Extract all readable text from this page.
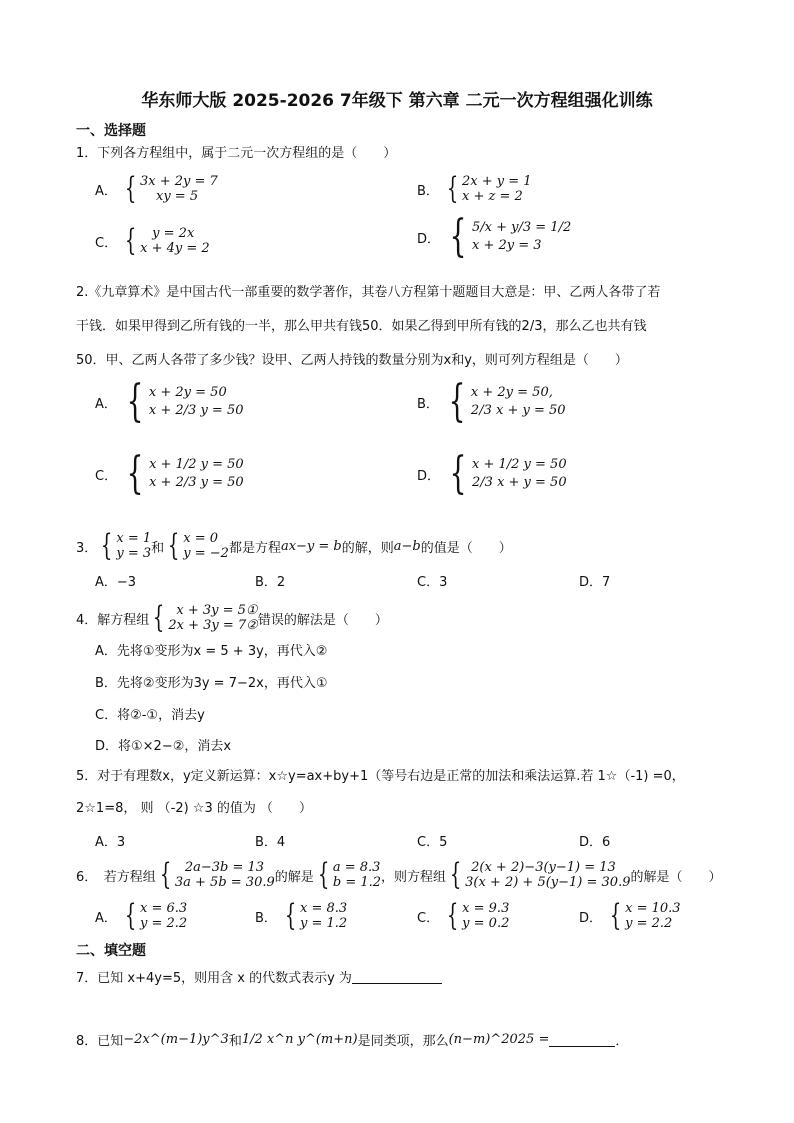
华东师大版 2025-2026 7年级下 第六章 二元一次方程组强化训练
一、选择题
1．下列各方程组中，属于二元一次方程组的是（　　）
A． { 3x + 2y = 7
xy = 5	B． { 2x + y = 1
x + z = 2
C． {	y = 2x
x + 4y = 2
D． { 5/x + y/3 = 1/2
x + 2y = 3
2.《九章算术》是中国古代一部重要的数学著作，其卷八方程第十题题目大意是：甲、乙两人各带了若
干钱．如果甲得到乙所有钱的一半，那么甲共有钱50．如果乙得到甲所有钱的2/3，那么乙也共有钱
50．甲、乙两人各带了多少钱？设甲、乙两人持钱的数量分别为x和y，则可列方程组是（　　）
A． { x + 2y = 50
x + 2/3 y = 50	B． { x + 2y = 50,
2/3 x + y = 50
C． { x + 1/2 y = 50
x + 2/3 y = 50	D． { x + 1/2 y = 50
2/3 x + y = 50
3． { x = 1
y = 3 和 { x = 0
y = −2 都是方程 ax−y = b 的解，则 a−b 的值是（　　）
A．−3	B．2	C．3	D．7
4．解方程组 { x + 3y = 5①
2x + 3y = 7② 错误的解法是（　　）
A．先将①变形为x = 5 + 3y，再代入②
B．先将②变形为3y = 7−2x，再代入①
C．将②-①，消去y
D．将①×2−②，消去x
5．对于有理数x，y定义新运算：x☆y=ax+by+1（等号右边是正常的加法和乘法运算.若 1☆（-1) =0，
2☆1=8， 则 （-2) ☆3 的值为 （　　）
A．3	B．4	C．5	D．6
6．　若方程组 {	2a−3b = 13
3a + 5b = 30.9 的解是 { a = 8.3
b = 1.2 ，则方程组 { 2(x + 2)−3(y−1) = 13
3(x + 2) + 5(y−1) = 30.9 的解是（　　）
A． { x = 6.3
y = 2.2	B． { x = 8.3
y = 1.2	C． { x = 9.3
y = 0.2	D． { x = 10.3
y = 2.2
二、填空题
7．已知 x+4y=5，则用含 x 的代数式表示y 为
8．已知 −2x^(m−1)y^3 和 1/2 x^n y^(m+n) 是同类项，那么 (n−m)^2025 =	．
